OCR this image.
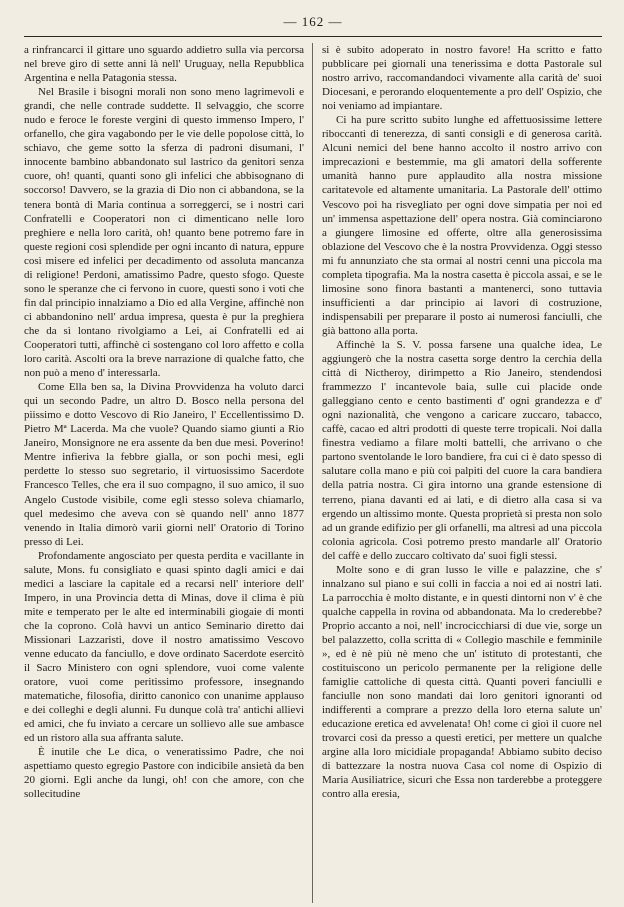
— 162 —

a rinfrancarci il gittare uno sguardo addietro sulla via percorsa nel breve giro di sette anni là nell' Uruguay, nella Repubblica Argentina e nella Patagonia stessa.

Nel Brasile i bisogni morali non sono meno lagrimevoli e grandi, che nelle contrade suddette. Il selvaggio, che scorre nudo e feroce le foreste vergini di questo immenso Impero, l' orfanello, che gira vagabondo per le vie delle popolose città, lo schiavo, che geme sotto la sferza di padroni disumani, l' innocente bambino abbandonato sul lastrico da genitori senza cuore, oh! quanti, quanti sono gli infelici che abbisognano di soccorso! Davvero, se la grazia di Dio non ci abbandona, se la tenera bontà di Maria continua a sorreggerci, se i nostri cari Confratelli e Cooperatori non ci dimenticano nelle loro preghiere e nella loro carità, oh! quanto bene potremo fare in queste regioni così splendide per ogni incanto di natura, eppure così misere ed infelici per decadimento od assoluta mancanza di religione! Perdoni, amatissimo Padre, questo sfogo. Queste sono le speranze che ci fervono in cuore, questi sono i voti che fin dal principio innalziamo a Dio ed alla Vergine, affinchè non ci abbandonino nell' ardua impresa, questa è pur la preghiera che da sì lontano rivolgiamo a Lei, ai Confratelli ed ai Cooperatori tutti, affinchè ci sostengano col loro affetto e colla loro carità. Ascolti ora la breve narrazione di qualche fatto, che non può a meno d' interessarla.

Come Ella ben sa, la Divina Provvidenza ha voluto darci qui un secondo Padre, un altro D. Bosco nella persona del piissimo e dotto Vescovo di Rio Janeiro, l' Eccellentissimo D. Pietro Mª Lacerda. Ma che vuole? Quando siamo giunti a Rio Janeiro, Monsignore ne era assente da ben due mesi. Poverino! Mentre infieriva la febbre gialla, or son pochi mesi, egli perdette lo stesso suo segretario, il virtuosissimo Sacerdote Francesco Telles, che era il suo compagno, il suo amico, il suo Angelo Custode visibile, come egli stesso soleva chiamarlo, quel medesimo che aveva con sè quando nell' anno 1877 venendo in Italia dimorò varii giorni nell' Oratorio di Torino presso di Lei.

Profondamente angosciato per questa perdita e vacillante in salute, Mons. fu consigliato e quasi spinto dagli amici e dai medici a lasciare la capitale ed a recarsi nell' interiore dell' Impero, in una Provincia detta di Minas, dove il clima è più mite e temperato per le alte ed interminabili giogaie di monti che la coprono. Colà havvi un antico Seminario diretto dai Missionari Lazzaristi, dove il nostro amatissimo Vescovo venne educato da fanciullo, e dove ordinato Sacerdote esercitò il Sacro Ministero con ogni splendore, vuoi come valente oratore, vuoi come peritissimo professore, insegnando matematiche, filosofia, diritto canonico con unanime applauso e dei colleghi e degli alunni. Fu dunque colà tra' antichi allievi ed amici, che fu inviato a cercare un sollievo alle sue ambasce ed un ristoro alla sua affranta salute.

È inutile che Le dica, o veneratissimo Padre, che noi aspettiamo questo egregio Pastore con indicibile ansietà da ben 20 giorni. Egli anche da lungi, oh! con che amore, con che sollecitudine

si è subito adoperato in nostro favore! Ha scritto e fatto pubblicare pei giornali una tenerissima e dotta Pastorale sul nostro arrivo, raccomandandoci vivamente alla carità de' suoi Diocesani, e perorando eloquentemente a pro dell' Ospizio, che noi veniamo ad impiantare.

Ci ha pure scritto subito lunghe ed affettuosissime lettere riboccanti di tenerezza, di santi consigli e di generosa carità. Alcuni nemici del bene hanno accolto il nostro arrivo con imprecazioni e bestemmie, ma gli amatori della sofferente umanità hanno pure applaudito alla nostra missione caritatevole ed altamente umanitaria. La Pastorale dell' ottimo Vescovo poi ha risvegliato per ogni dove simpatia per noi ed un' immensa aspettazione dell' opera nostra. Già cominciarono a giungere limosine ed offerte, oltre alla generosissima oblazione del Vescovo che è la nostra Provvidenza. Oggi stesso mi fu annunziato che sta ormai al nostri cenni una piccola ma completa tipografia. Ma la nostra casetta è piccola assai, e se le limosine sono finora bastanti a mantenerci, sono tuttavia insufficienti a dar principio ai lavori di costruzione, indispensabili per preparare il posto ai numerosi fanciulli, che già battono alla porta.

Affinchè la S. V. possa farsene una qualche idea, Le aggiungerò che la nostra casetta sorge dentro la cerchia della città di Nictheroy, dirimpetto a Rio Janeiro, stendendosi frammezzo l' incantevole baia, sulle cui placide onde galleggiano cento e cento bastimenti d' ogni grandezza e d' ogni nazionalità, che vengono a caricare zuccaro, tabacco, caffè, cacao ed altri prodotti di queste terre tropicali. Noi dalla finestra vediamo a filare molti battelli, che arrivano o che partono sventolande le loro bandiere, fra cui ci è dato spesso di salutare colla mano e più coi palpiti del cuore la cara bandiera della patria nostra. Ci gira intorno una grande estensione di terreno, piana davanti ed ai lati, e di dietro alla casa si va ergendo un altissimo monte. Questa proprietà si presta non solo ad un grande edifizio per gli orfanelli, ma altresì ad una piccola colonia agricola. Così potremo presto mandarle all' Oratorio del caffè e dello zuccaro coltivato da' suoi figli stessi.

Molte sono e di gran lusso le ville e palazzine, che s' innalzano sul piano e sui colli in faccia a noi ed ai nostri lati. La parrocchia è molto distante, e in questi dintorni non v' è che qualche cappella in rovina od abbandonata. Ma lo crederebbe? Proprio accanto a noi, nell' incrocicchiarsi di due vie, sorge un bel palazzetto, colla scritta di « Collegio maschile e femminile », ed è nè più nè meno che un' istituto di protestanti, che costituiscono un pericolo permanente per la religione delle famiglie cattoliche di questa città. Quanti poveri fanciulli e fanciulle non sono mandati dai loro genitori ignoranti od indifferenti a comprare a prezzo della loro eterna salute un' educazione eretica ed avvelenata! Oh! come ci gioì il cuore nel trovarci così da presso a questi eretici, per mettere un qualche argine alla loro micidiale propaganda! Abbiamo subito deciso di battezzare la nostra nuova Casa col nome di Ospizio di Maria Ausiliatrice, sicuri che Essa non tarderebbe a proteggere contro alla eresia,
